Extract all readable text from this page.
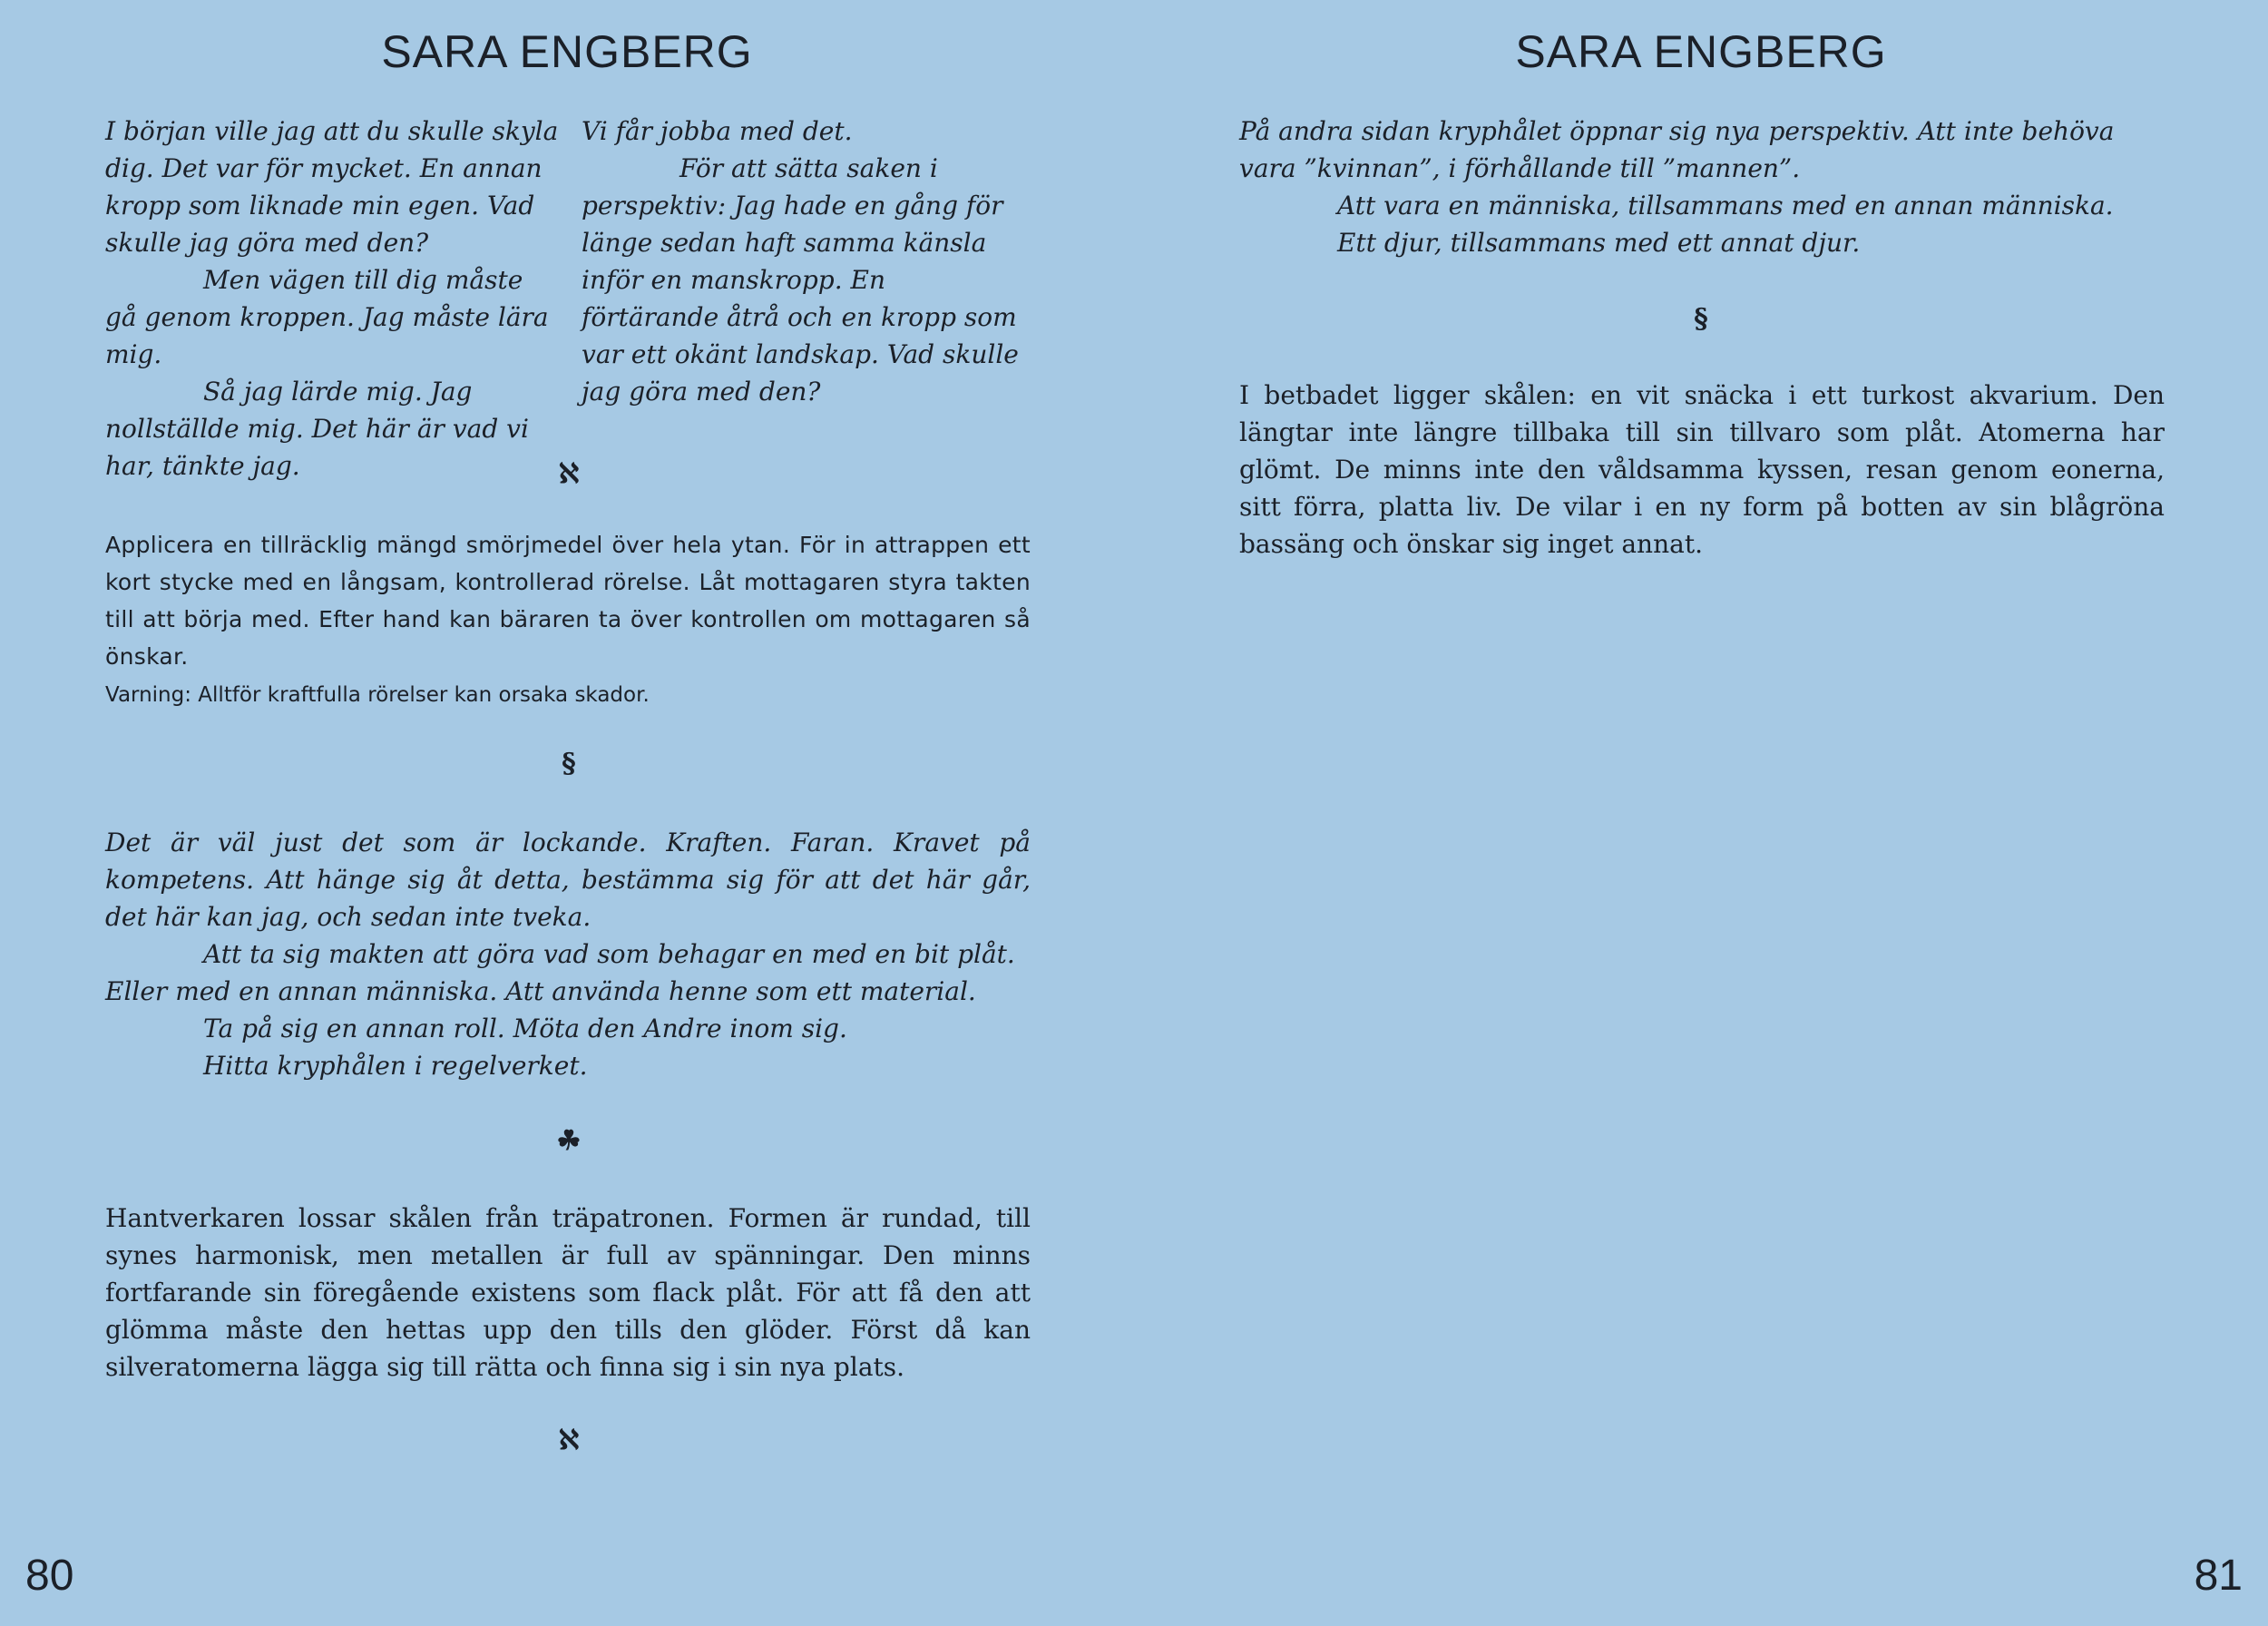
SARA ENGBERG

I början ville jag att du skulle skyla dig. Det var för mycket. En annan kropp som liknade min egen. Vad skulle jag göra med den?

Men vägen till dig måste gå genom kroppen. Jag måste lära mig.

Så jag lärde mig. Jag nollställde mig. Det här är vad vi har, tänkte jag.

Vi får jobba med det.

För att sätta saken i perspektiv: Jag hade en gång för länge sedan haft samma känsla inför en manskropp. En förtärande åtrå och en kropp som var ett okänt landskap. Vad skulle jag göra med den?

ℵ

Applicera en tillräcklig mängd smörjmedel över hela ytan. För in attrappen ett kort stycke med en långsam, kontrollerad rörelse. Låt mottagaren styra takten till att börja med. Efter hand kan bäraren ta över kontrollen om mottagaren så önskar.

Varning: Alltför kraftfulla rörelser kan orsaka skador.

§

Det är väl just det som är lockande. Kraften. Faran. Kravet på kompetens. Att hänge sig åt detta, bestämma sig för att det här går, det här kan jag, och sedan inte tveka.

Att ta sig makten att göra vad som behagar en med en bit plåt. Eller med en annan människa. Att använda henne som ett material.

Ta på sig en annan roll. Möta den Andre inom sig.

Hitta kryphålen i regelverket.

☘

Hantverkaren lossar skålen från träpatronen. Formen är rundad, till synes harmonisk, men metallen är full av spänningar. Den minns fortfarande sin föregående existens som flack plåt. För att få den att glömma måste den hettas upp den tills den glöder. Först då kan silveratomerna lägga sig till rätta och finna sig i sin nya plats.

ℵ
80
SARA ENGBERG

På andra sidan kryphålet öppnar sig nya perspektiv. Att inte behöva vara ”kvinnan”, i förhållande till ”mannen”.

Att vara en människa, tillsammans med en annan människa.

Ett djur, tillsammans med ett annat djur.

§

I betbadet ligger skålen: en vit snäcka i ett turkost akvarium. Den längtar inte längre tillbaka till sin tillvaro som plåt. Atomerna har glömt. De minns inte den våldsamma kyssen, resan genom eonerna, sitt förra, platta liv. De vilar i en ny form på botten av sin blågröna bassäng och önskar sig inget annat.

81
